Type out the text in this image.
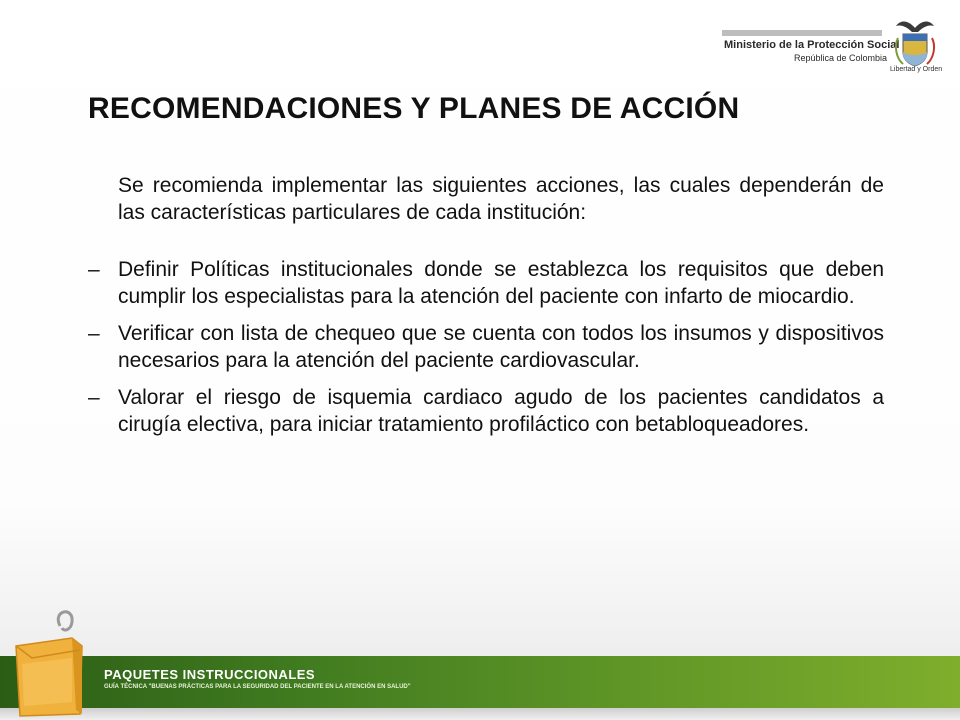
Ministerio de la Protección Social
República de Colombia
Libertad y Orden
RECOMENDACIONES Y PLANES DE ACCIÓN
Se recomienda implementar las siguientes acciones, las cuales dependerán de las características particulares de cada institución:
– Definir Políticas institucionales donde se establezca los requisitos que deben cumplir los especialistas para la atención del paciente con infarto de miocardio.
– Verificar con lista de chequeo que se cuenta con todos los insumos y dispositivos necesarios para la atención del paciente cardiovascular.
– Valorar el riesgo de isquemia cardiaco agudo de los pacientes candidatos a cirugía electiva, para iniciar tratamiento profiláctico con betabloqueadores.
PAQUETES INSTRUCCIONALES
GUÍA TÉCNICA "BUENAS PRÁCTICAS PARA LA SEGURIDAD DEL PACIENTE EN LA ATENCIÓN EN SALUD"
